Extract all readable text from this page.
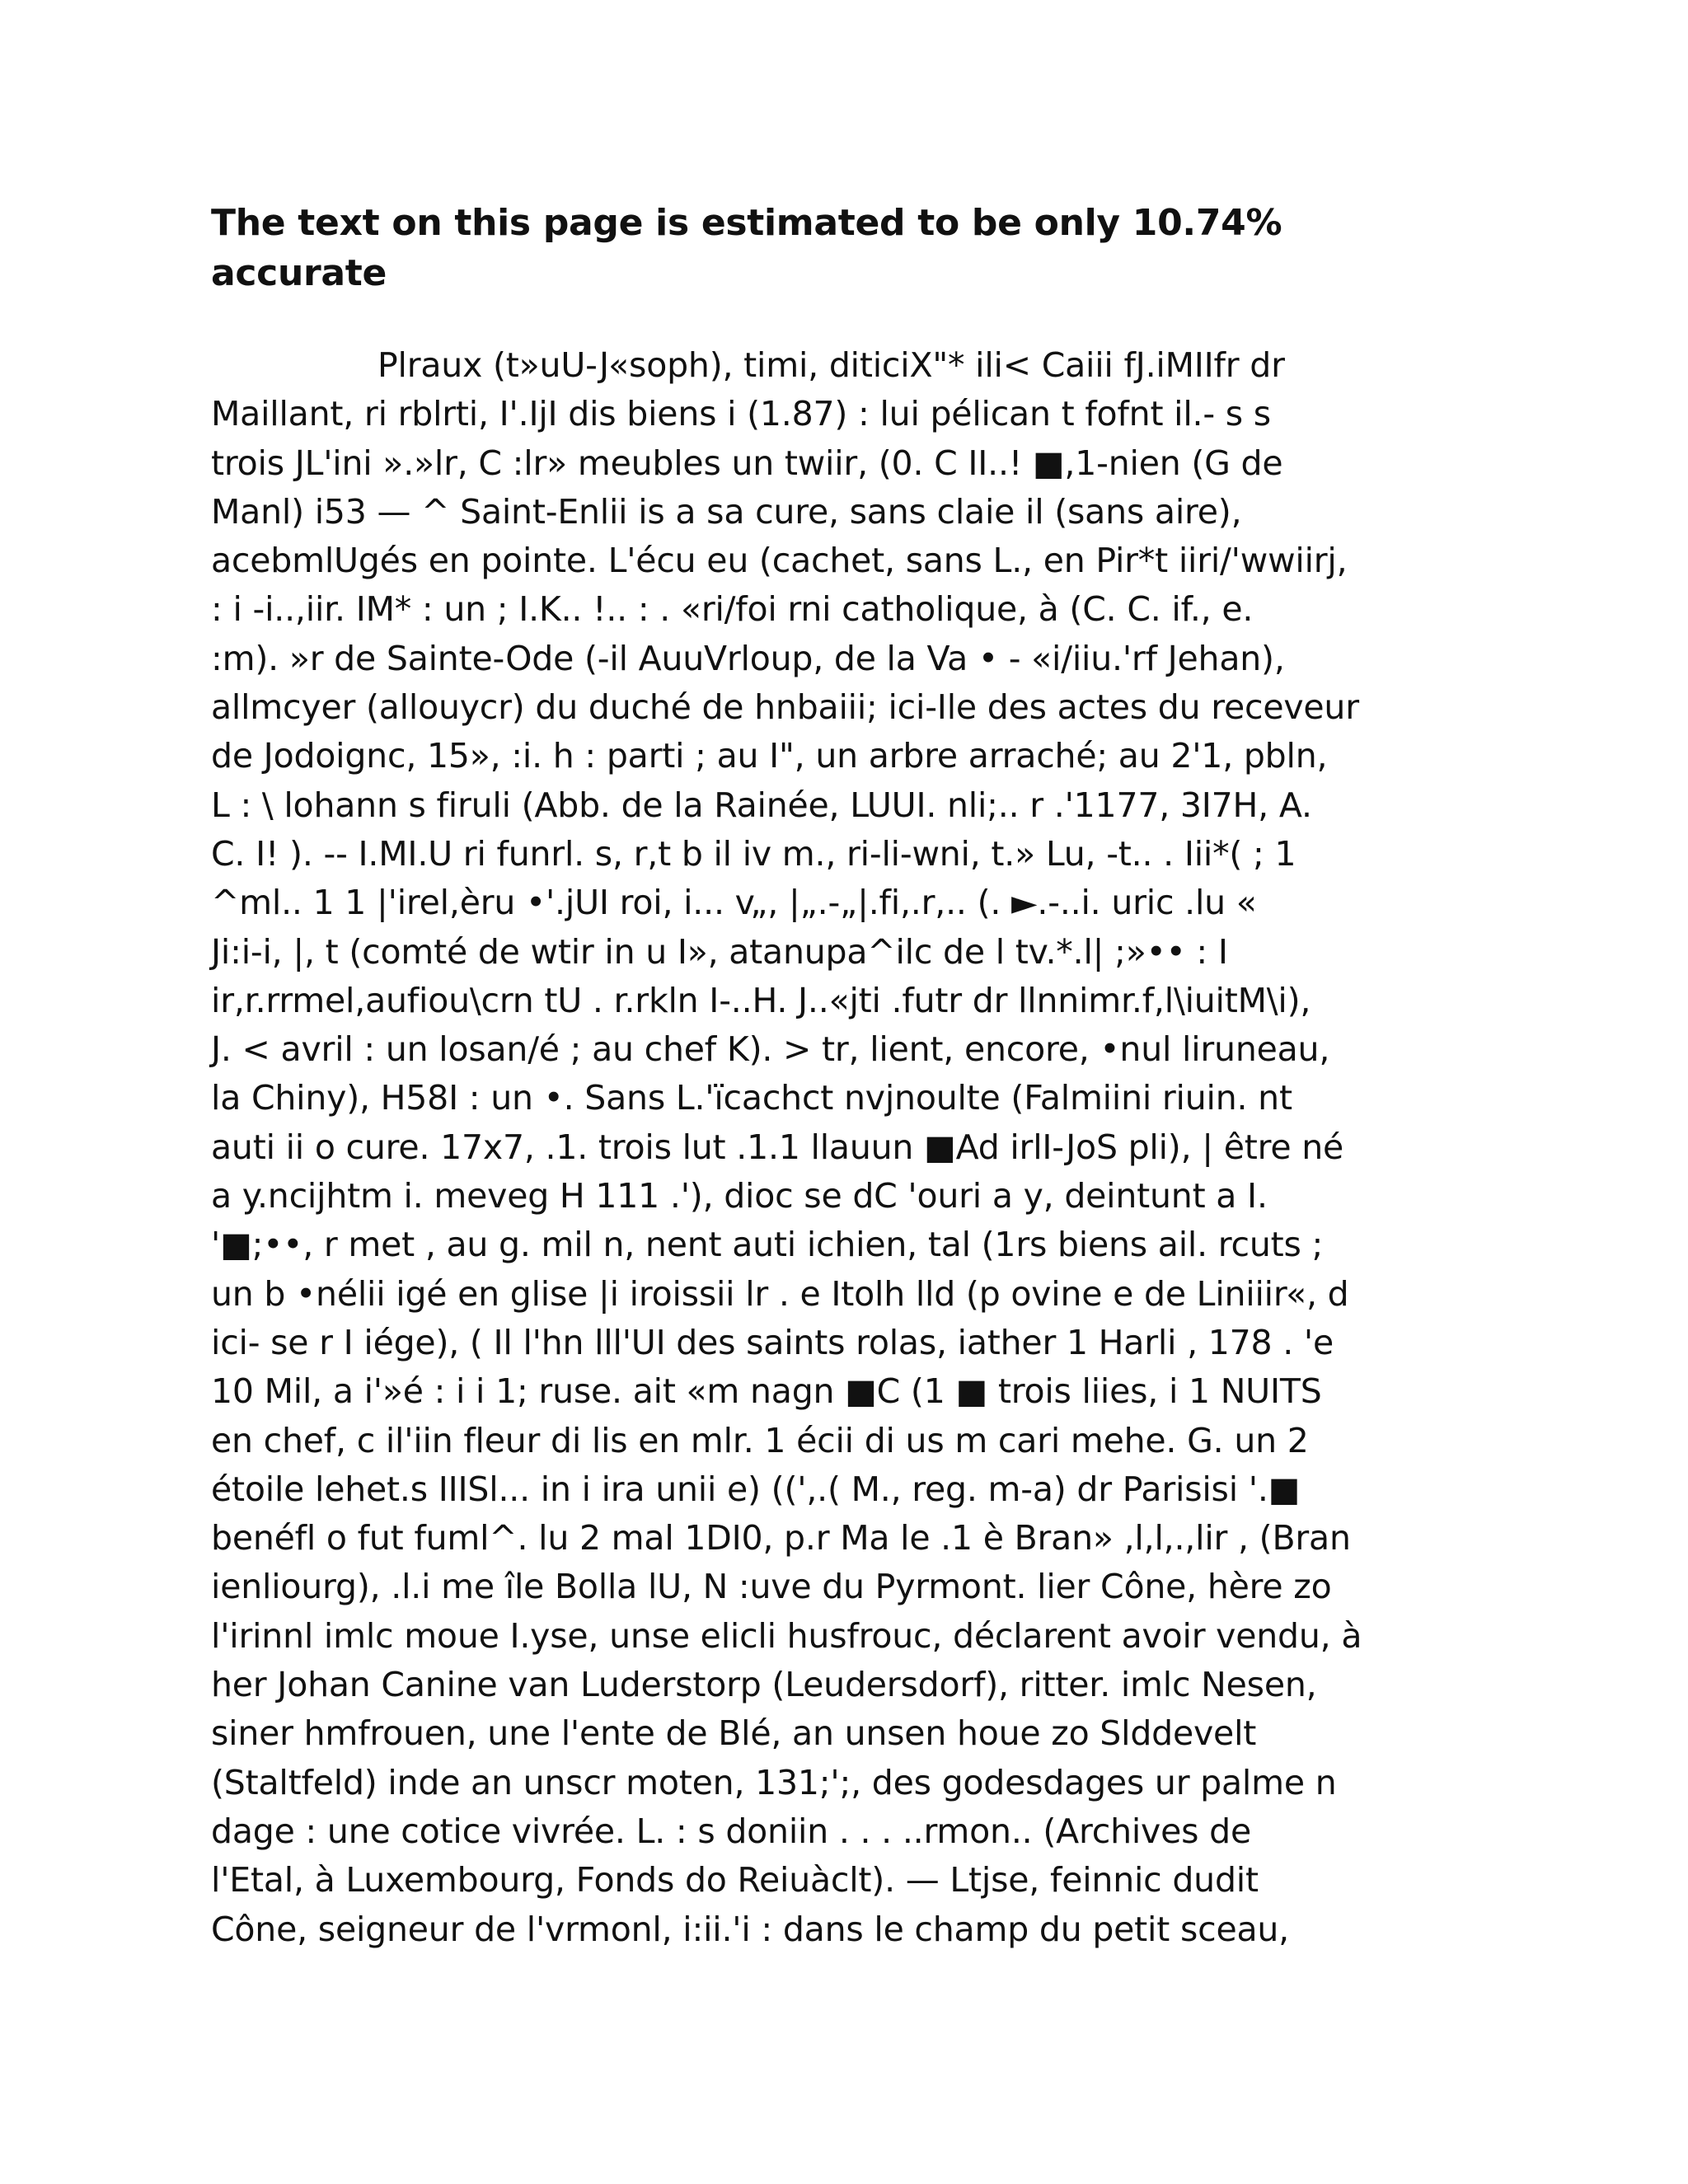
The text on this page is estimated to be only 10.74%
accurate
Plraux (t»uU-J«soph), timi, diticiX"* ili< Caiii fJ.iMIIfr dr
Maillant, ri rblrti, I'.IjI dis biens i (1.87) : lui pélican t fofnt il.- s s
trois JL'ini ».»lr, C :lr» meubles un twiir, (0. C II..! ■,1-nien (G de
Manl) i53 — ^ Saint-Enlii is a sa cure, sans claie il (sans aire),
acebmlUgés en pointe. L'écu eu (cachet, sans L., en Pir*t iiri/'wwiirj,
: i -i..,iir. IM* : un ; I.K.. !.. : . «ri/foi rni catholique, à (C. C. if., e.
:m). »r de Sainte-Ode (-il AuuVrloup, de la Va • - «i/iiu.'rf Jehan),
allmcyer (allouycr) du duché de hnbaiii; ici-Ile des actes du receveur
de Jodoignc, 15», :i. h : parti ; au I", un arbre arraché; au 2'1, pbln,
L : \ lohann s firuli (Abb. de la Rainée, LUUI. nli;.. r .'1177, 3I7H, A.
C. I! ). -- I.MI.U ri funrl. s, r,t b il iv m., ri-li-wni, t.» Lu, -t.. . Iii*( ; 1
^ml.. 1 1 |'irel,èru •'.jUI roi, i... v„, |„.-„|.fi,.r,.. (. ►.-..i. uric .lu «
Ji:i-i, |, t (comté de wtir in u I», atanupa^ilc de l tv.*.l| ;»•• : I
ir,r.rrmel,aufiou\crn tU . r.rkln I-..H. J..«jti .futr dr llnnimr.f,l\iuitM\i),
J. < avril : un losan/é ; au chef K). > tr, lient, encore, •nul liruneau,
la Chiny), H58I : un •. Sans L.'ïcachct nvjnoulte (Falmiini riuin. nt
auti ii o cure. 17x7, .1. trois lut .1.1 llauun ■Ad irlI-JoS pli), | être né
a y.ncijhtm i. meveg H 111 .'), dioc se dC 'ouri a y, deintunt a I.
'■;••, r met , au g. mil n, nent auti ichien, tal (1rs biens ail. rcuts ;
un b •nélii igé en glise |i iroissii lr . e Itolh lld (p ovine e de Liniiir«, d
ici- se r I iége), ( Il l'hn lll'UI des saints rolas, iather 1 Harli , 178 . 'e
10 Mil, a i'»é : i i 1; ruse. ait «m nagn ■C (1 ■ trois liies, i 1 NUITS
en chef, c il'iin fleur di lis en mlr. 1 écii di us m cari mehe. G. un 2
étoile lehet.s IIISl... in i ira unii e) ((',.( M., reg. m-a) dr Parisisi '.■
benéfl o fut fuml^. lu 2 mal 1DI0, p.r Ma le .1 è Bran» ,l,l,.,lir , (Bran
ienliourg), .l.i me île Bolla lU, N :uve du Pyrmont. lier Cône, hère zo
l'irinnl imlc moue I.yse, unse elicli husfrouc, déclarent avoir vendu, à
her Johan Canine van Luderstorp (Leudersdorf), ritter. imlc Nesen,
siner hmfrouen, une l'ente de Blé, an unsen houe zo Slddevelt
(Staltfeld) inde an unscr moten, 131;';, des godesdages ur palme n
dage : une cotice vivrée. L. : s doniin . . . ..rmon.. (Archives de
l'Etal, à Luxembourg, Fonds do Reiuàclt). — Ltjse, feinnic dudit
Cône, seigneur de l'vrmonl, i:ii.'i : dans le champ du petit sceau,
